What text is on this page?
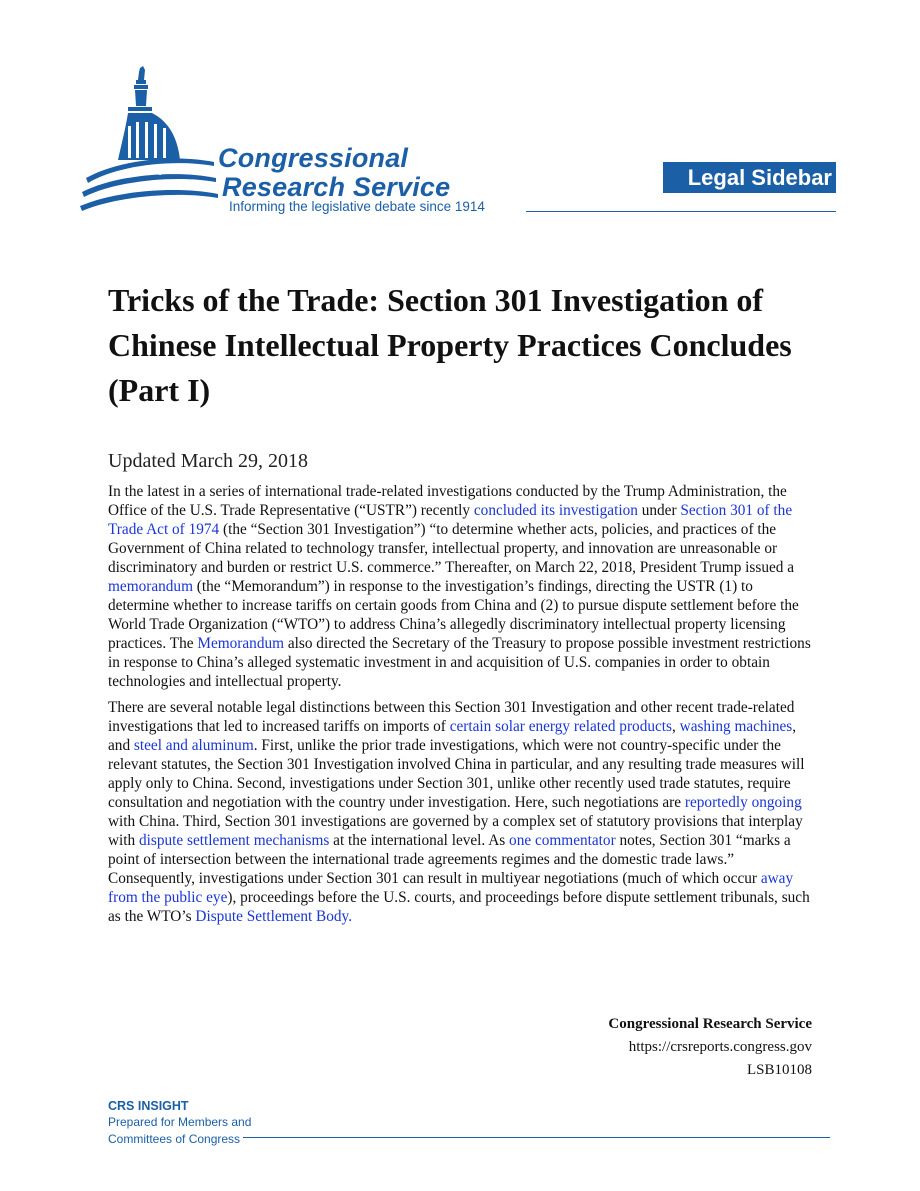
Congressional
Research Service
Informing the legislative debate since 1914
Legal Sidebar
Tricks of the Trade: Section 301 Investigation of Chinese Intellectual Property Practices Concludes (Part I)
Updated March 29, 2018

In the latest in a series of international trade-related investigations conducted by the Trump Administration, the Office of the U.S. Trade Representative (“USTR”) recently concluded its investigation under Section 301 of the Trade Act of 1974 (the “Section 301 Investigation”) “to determine whether acts, policies, and practices of the Government of China related to technology transfer, intellectual property, and innovation are unreasonable or discriminatory and burden or restrict U.S. commerce.” Thereafter, on March 22, 2018, President Trump issued a memorandum (the “Memorandum”) in response to the investigation’s findings, directing the USTR (1) to determine whether to increase tariffs on certain goods from China and (2) to pursue dispute settlement before the World Trade Organization (“WTO”) to address China’s allegedly discriminatory intellectual property licensing practices. The Memorandum also directed the Secretary of the Treasury to propose possible investment restrictions in response to China’s alleged systematic investment in and acquisition of U.S. companies in order to obtain technologies and intellectual property.

There are several notable legal distinctions between this Section 301 Investigation and other recent trade-related investigations that led to increased tariffs on imports of certain solar energy related products, washing machines, and steel and aluminum. First, unlike the prior trade investigations, which were not country-specific under the relevant statutes, the Section 301 Investigation involved China in particular, and any resulting trade measures will apply only to China. Second, investigations under Section 301, unlike other recently used trade statutes, require consultation and negotiation with the country under investigation. Here, such negotiations are reportedly ongoing with China. Third, Section 301 investigations are governed by a complex set of statutory provisions that interplay with dispute settlement mechanisms at the international level. As one commentator notes, Section 301 “marks a point of intersection between the international trade agreements regimes and the domestic trade laws.” Consequently, investigations under Section 301 can result in multiyear negotiations (much of which occur away from the public eye), proceedings before the U.S. courts, and proceedings before dispute settlement tribunals, such as the WTO’s Dispute Settlement Body.

Congressional Research Service
https://crsreports.congress.gov
LSB10108
CRS INSIGHT
Prepared for Members and
Committees of Congress
